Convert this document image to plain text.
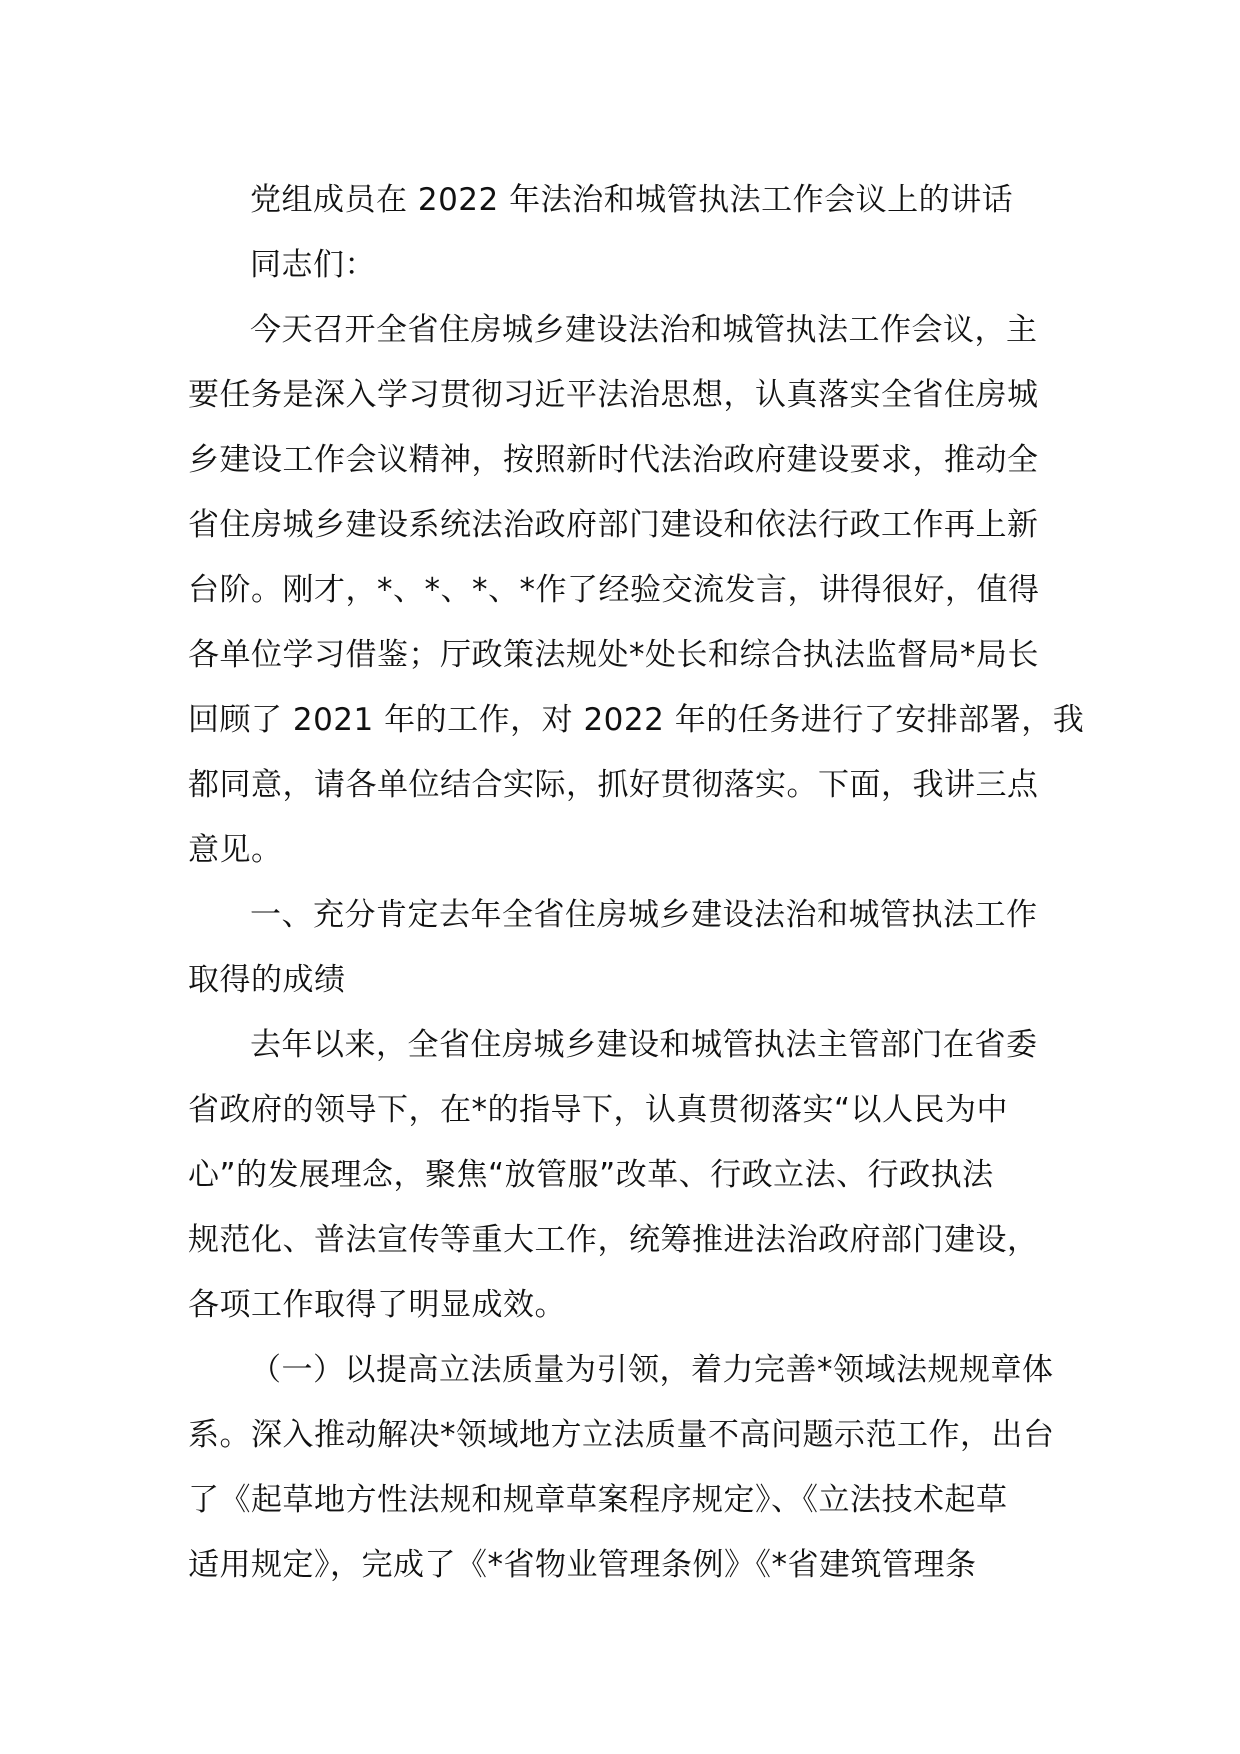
党组成员在 2022 年法治和城管执法工作会议上的讲话
同志们：
今天召开全省住房城乡建设法治和城管执法工作会议，主
要任务是深入学习贯彻习近平法治思想，认真落实全省住房城
乡建设工作会议精神，按照新时代法治政府建设要求，推动全
省住房城乡建设系统法治政府部门建设和依法行政工作再上新
台阶。刚才，*、*、*、*作了经验交流发言，讲得很好，值得
各单位学习借鉴；厅政策法规处*处长和综合执法监督局*局长
回顾了 2021 年的工作，对 2022 年的任务进行了安排部署，我
都同意，请各单位结合实际，抓好贯彻落实。下面，我讲三点
意见。
一、充分肯定去年全省住房城乡建设法治和城管执法工作
取得的成绩
去年以来，全省住房城乡建设和城管执法主管部门在省委
省政府的领导下，在*的指导下，认真贯彻落实“以人民为中
心”的发展理念，聚焦“放管服”改革、行政立法、行政执法
规范化、普法宣传等重大工作，统筹推进法治政府部门建设，
各项工作取得了明显成效。
（一）以提高立法质量为引领，着力完善*领域法规规章体
系。深入推动解决*领域地方立法质量不高问题示范工作，出台
了《起草地方性法规和规章草案程序规定》、《立法技术起草
适用规定》，完成了《*省物业管理条例》《*省建筑管理条
